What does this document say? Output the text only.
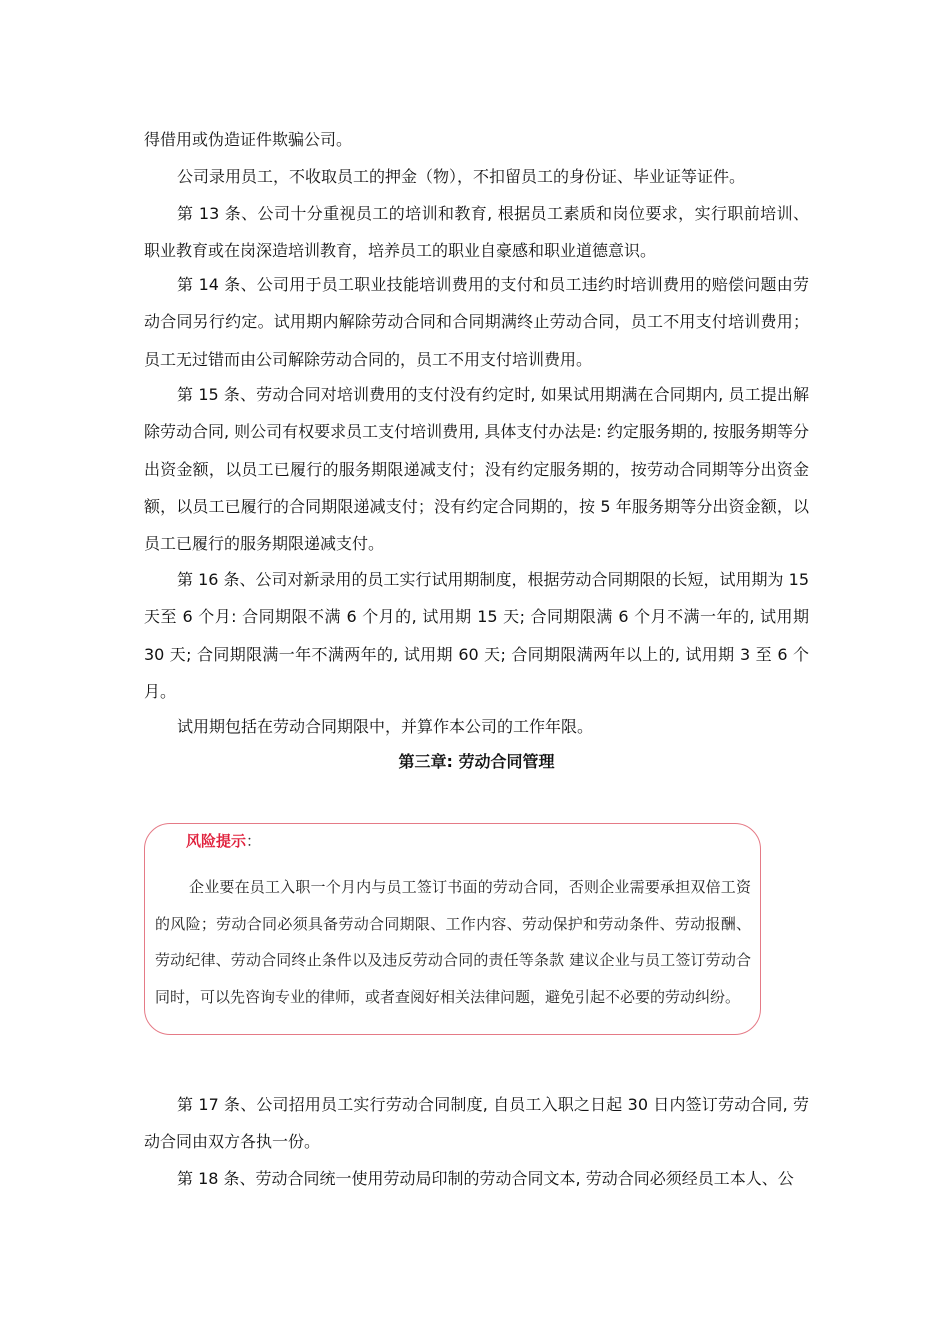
得借用或伪造证件欺骗公司。

公司录用员工，不收取员工的押金（物），不扣留员工的身份证、毕业证等证件。

第 13 条、公司十分重视员工的培训和教育, 根据员工素质和岗位要求，实行职前培训、职业教育或在岗深造培训教育，培养员工的职业自豪感和职业道德意识。

第 14 条、公司用于员工职业技能培训费用的支付和员工违约时培训费用的赔偿问题由劳动合同另行约定。试用期内解除劳动合同和合同期满终止劳动合同，员工不用支付培训费用；员工无过错而由公司解除劳动合同的，员工不用支付培训费用。

第 15 条、劳动合同对培训费用的支付没有约定时, 如果试用期满在合同期内, 员工提出解除劳动合同, 则公司有权要求员工支付培训费用, 具体支付办法是: 约定服务期的, 按服务期等分出资金额，以员工已履行的服务期限递减支付；没有约定服务期的，按劳动合同期等分出资金额，以员工已履行的合同期限递减支付；没有约定合同期的，按 5 年服务期等分出资金额，以员工已履行的服务期限递减支付。

第 16 条、公司对新录用的员工实行试用期制度，根据劳动合同期限的长短，试用期为 15 天至 6 个月: 合同期限不满 6 个月的, 试用期 15 天; 合同期限满 6 个月不满一年的, 试用期 30 天; 合同期限满一年不满两年的, 试用期 60 天; 合同期限满两年以上的, 试用期 3 至 6 个月。

试用期包括在劳动合同期限中，并算作本公司的工作年限。

第三章: 劳动合同管理
风险提示：

企业要在员工入职一个月内与员工签订书面的劳动合同，否则企业需要承担双倍工资的风险；劳动合同必须具备劳动合同期限、工作内容、劳动保护和劳动条件、劳动报酬、劳动纪律、劳动合同终止条件以及违反劳动合同的责任等条款 建议企业与员工签订劳动合同时，可以先咨询专业的律师，或者查阅好相关法律问题，避免引起不必要的劳动纠纷。

第 17 条、公司招用员工实行劳动合同制度, 自员工入职之日起 30 日内签订劳动合同, 劳动合同由双方各执一份。

第 18 条、劳动合同统一使用劳动局印制的劳动合同文本, 劳动合同必须经员工本人、公
